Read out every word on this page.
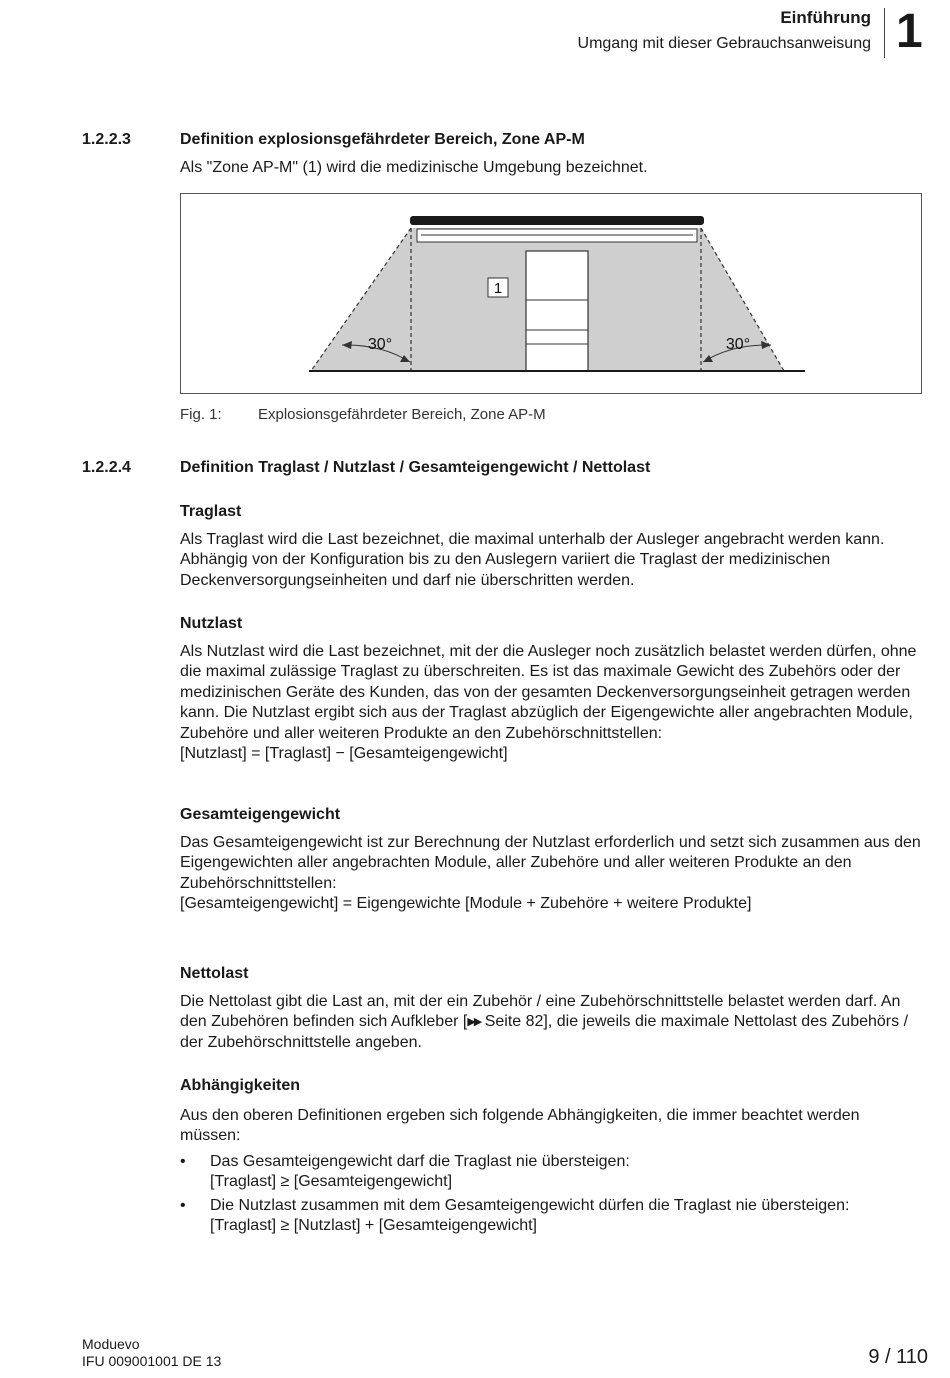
Einführung
Umgang mit dieser Gebrauchsanweisung 1
1.2.2.3	Definition explosionsgefährdeter Bereich, Zone AP-M

Als "Zone AP-M" (1) wird die medizinische Umgebung bezeichnet.

1
30°	30°
Fig. 1: Explosionsgefährdeter Bereich, Zone AP-M
1.2.2.4	Definition Traglast / Nutzlast / Gesamteigengewicht / Nettolast
Traglast

Als Traglast wird die Last bezeichnet, die maximal unterhalb der Ausleger angebracht werden kann. Abhängig von der Konfiguration bis zu den Auslegern variiert die Traglast der medizinischen Deckenversorgungseinheiten und darf nie überschritten werden.

Nutzlast

Als Nutzlast wird die Last bezeichnet, mit der die Ausleger noch zusätzlich belastet werden dürfen, ohne die maximal zulässige Traglast zu überschreiten. Es ist das maximale Gewicht des Zubehörs oder der medizinischen Geräte des Kunden, das von der gesamten Deckenversorgungseinheit getragen werden kann. Die Nutzlast ergibt sich aus der Traglast abzüglich der Eigengewichte aller angebrachten Module, Zubehöre und aller weiteren Produkte an den Zubehörschnittstellen:

[Nutzlast] = [Traglast] − [Gesamteigengewicht]

Gesamteigengewicht

Das Gesamteigengewicht ist zur Berechnung der Nutzlast erforderlich und setzt sich zusammen aus den Eigengewichten aller angebrachten Module, aller Zubehöre und aller weiteren Produkte an den Zubehörschnittstellen:

[Gesamteigengewicht] = Eigengewichte [Module + Zubehöre + weitere Produkte]

Nettolast

Die Nettolast gibt die Last an, mit der ein Zubehör / eine Zubehörschnittstelle belastet werden darf. An den Zubehören befinden sich Aufkleber [▶▶ Seite 82], die jeweils die maximale Nettolast des Zubehörs / der Zubehörschnittstelle angeben.

Abhängigkeiten

Aus den oberen Definitionen ergeben sich folgende Abhängigkeiten, die immer beachtet werden müssen:

• Das Gesamteigengewicht darf die Traglast nie übersteigen:
[Traglast] ≥ [Gesamteigengewicht]
• Die Nutzlast zusammen mit dem Gesamteigengewicht dürfen die Traglast nie übersteigen:
[Traglast] ≥ [Nutzlast] + [Gesamteigengewicht]
Moduevo
IFU 009001001 DE 13	9 / 110
